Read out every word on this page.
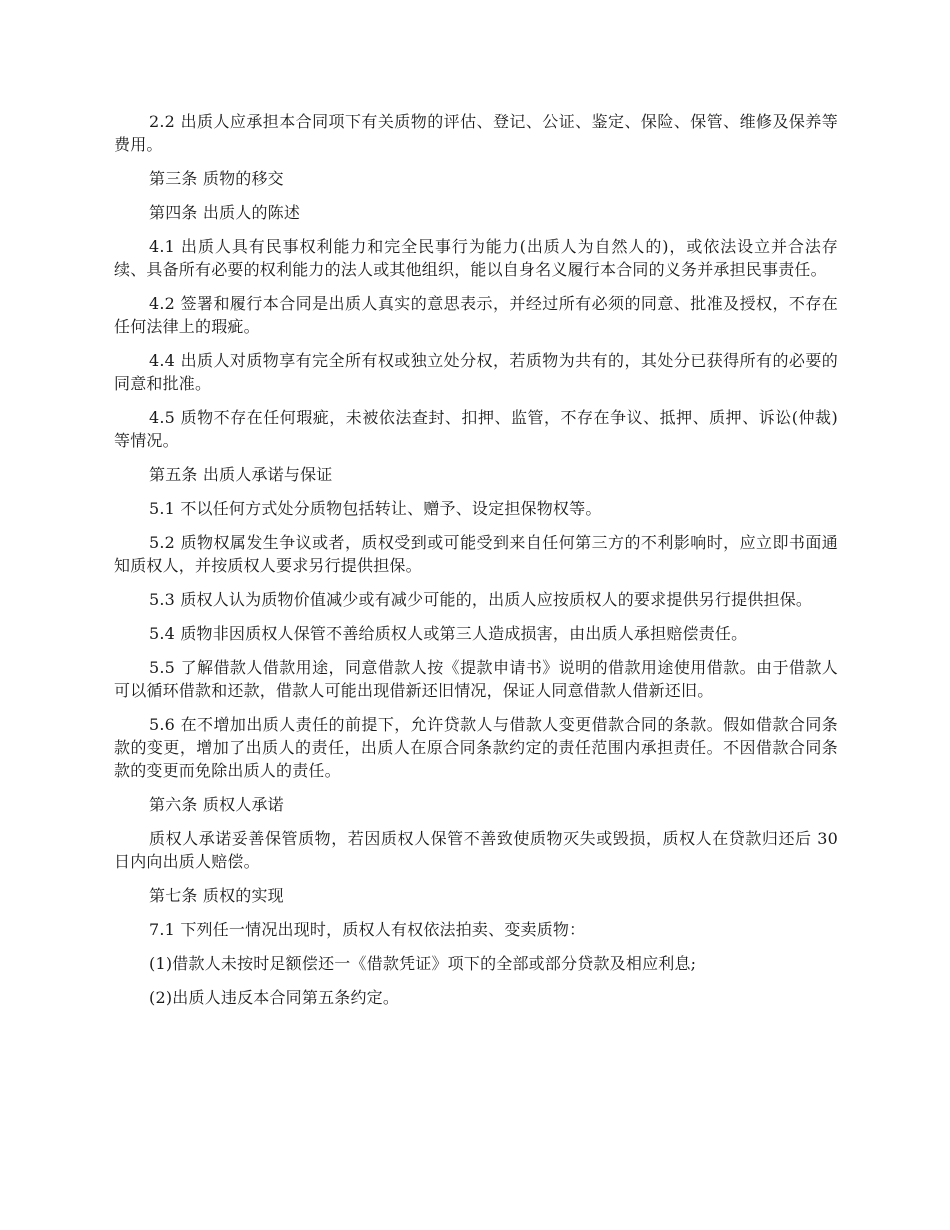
2.2 出质人应承担本合同项下有关质物的评估、登记、公证、鉴定、保险、保管、维修及保养等费用。

第三条 质物的移交

第四条 出质人的陈述

4.1 出质人具有民事权利能力和完全民事行为能力(出质人为自然人的)，或依法设立并合法存续、具备所有必要的权利能力的法人或其他组织，能以自身名义履行本合同的义务并承担民事责任。

4.2 签署和履行本合同是出质人真实的意思表示，并经过所有必须的同意、批准及授权，不存在任何法律上的瑕疵。

4.4 出质人对质物享有完全所有权或独立处分权，若质物为共有的，其处分已获得所有的必要的同意和批准。

4.5 质物不存在任何瑕疵，未被依法查封、扣押、监管，不存在争议、抵押、质押、诉讼(仲裁)等情况。

第五条 出质人承诺与保证

5.1 不以任何方式处分质物包括转让、赠予、设定担保物权等。

5.2 质物权属发生争议或者，质权受到或可能受到来自任何第三方的不利影响时，应立即书面通知质权人，并按质权人要求另行提供担保。

5.3 质权人认为质物价值减少或有减少可能的，出质人应按质权人的要求提供另行提供担保。

5.4 质物非因质权人保管不善给质权人或第三人造成损害，由出质人承担赔偿责任。

5.5 了解借款人借款用途，同意借款人按《提款申请书》说明的借款用途使用借款。由于借款人可以循环借款和还款，借款人可能出现借新还旧情况，保证人同意借款人借新还旧。

5.6 在不增加出质人责任的前提下，允许贷款人与借款人变更借款合同的条款。假如借款合同条款的变更，增加了出质人的责任，出质人在原合同条款约定的责任范围内承担责任。不因借款合同条款的变更而免除出质人的责任。

第六条 质权人承诺

质权人承诺妥善保管质物，若因质权人保管不善致使质物灭失或毁损，质权人在贷款归还后 30 日内向出质人赔偿。

第七条 质权的实现

7.1 下列任一情况出现时，质权人有权依法拍卖、变卖质物：

(1)借款人未按时足额偿还一《借款凭证》项下的全部或部分贷款及相应利息;

(2)出质人违反本合同第五条约定。
